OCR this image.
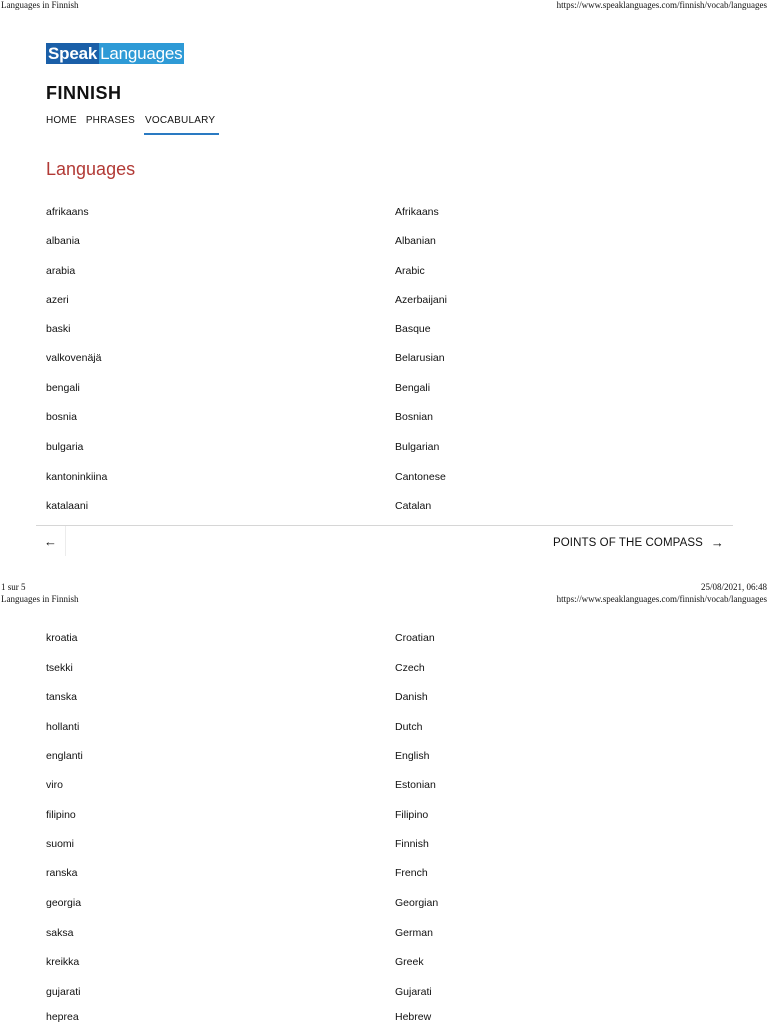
Languages in Finnish	https://www.speaklanguages.com/finnish/vocab/languages
Speak Languages
FINNISH
HOME PHRASES VOCABULARY
Languages
afrikaans	Afrikaans
albania	Albanian
arabia	Arabic
azeri	Azerbaijani
baski	Basque
valkovenäjä	Belarusian
bengali	Bengali
bosnia	Bosnian
bulgaria	Bulgarian
kantoninkiina	Cantonese
katalaani	Catalan
←	POINTS OF THE COMPASS →
1 sur 5	25/08/2021, 06:48
Languages in Finnish	https://www.speaklanguages.com/finnish/vocab/languages
kroatia	Croatian
tsekki	Czech
tanska	Danish
hollanti	Dutch
englanti	English
viro	Estonian
filipino	Filipino
suomi	Finnish
ranska	French
georgia	Georgian
saksa	German
kreikka	Greek
gujarati	Gujarati
heprea	Hebrew
